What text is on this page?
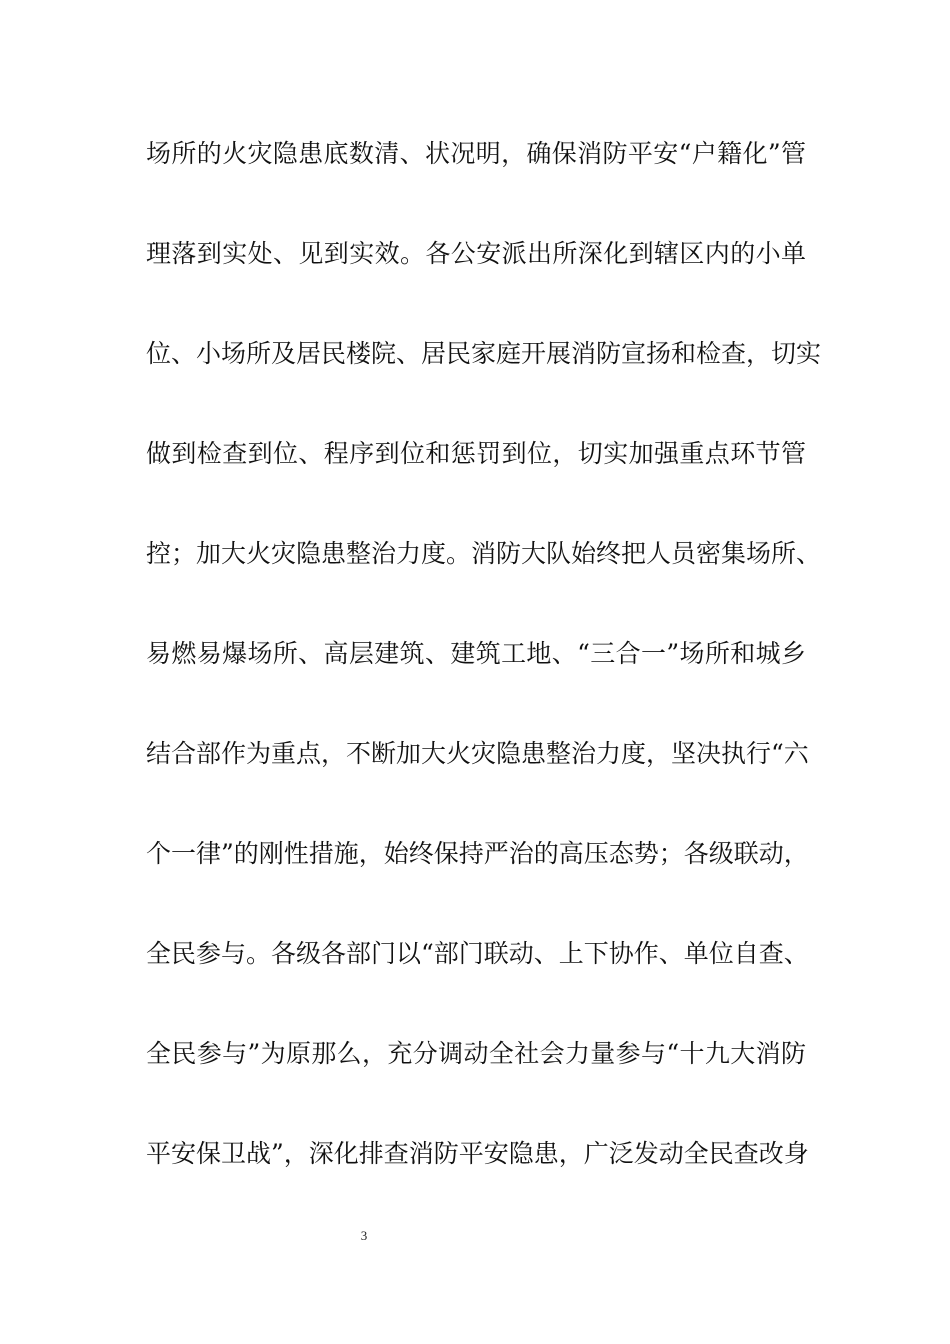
场所的火灾隐患底数清、状况明，确保消防平安“户籍化”管
理落到实处、见到实效。各公安派出所深化到辖区内的小单
位、小场所及居民楼院、居民家庭开展消防宣扬和检查，切实
做到检查到位、程序到位和惩罚到位，切实加强重点环节管
控；加大火灾隐患整治力度。消防大队始终把人员密集场所、
易燃易爆场所、高层建筑、建筑工地、“三合一”场所和城乡
结合部作为重点，不断加大火灾隐患整治力度，坚决执行“六
个一律”的刚性措施，始终保持严治的高压态势；各级联动，
全民参与。各级各部门以“部门联动、上下协作、单位自查、
全民参与”为原那么，充分调动全社会力量参与“十九大消防
平安保卫战”，深化排查消防平安隐患，广泛发动全民查改身
3
